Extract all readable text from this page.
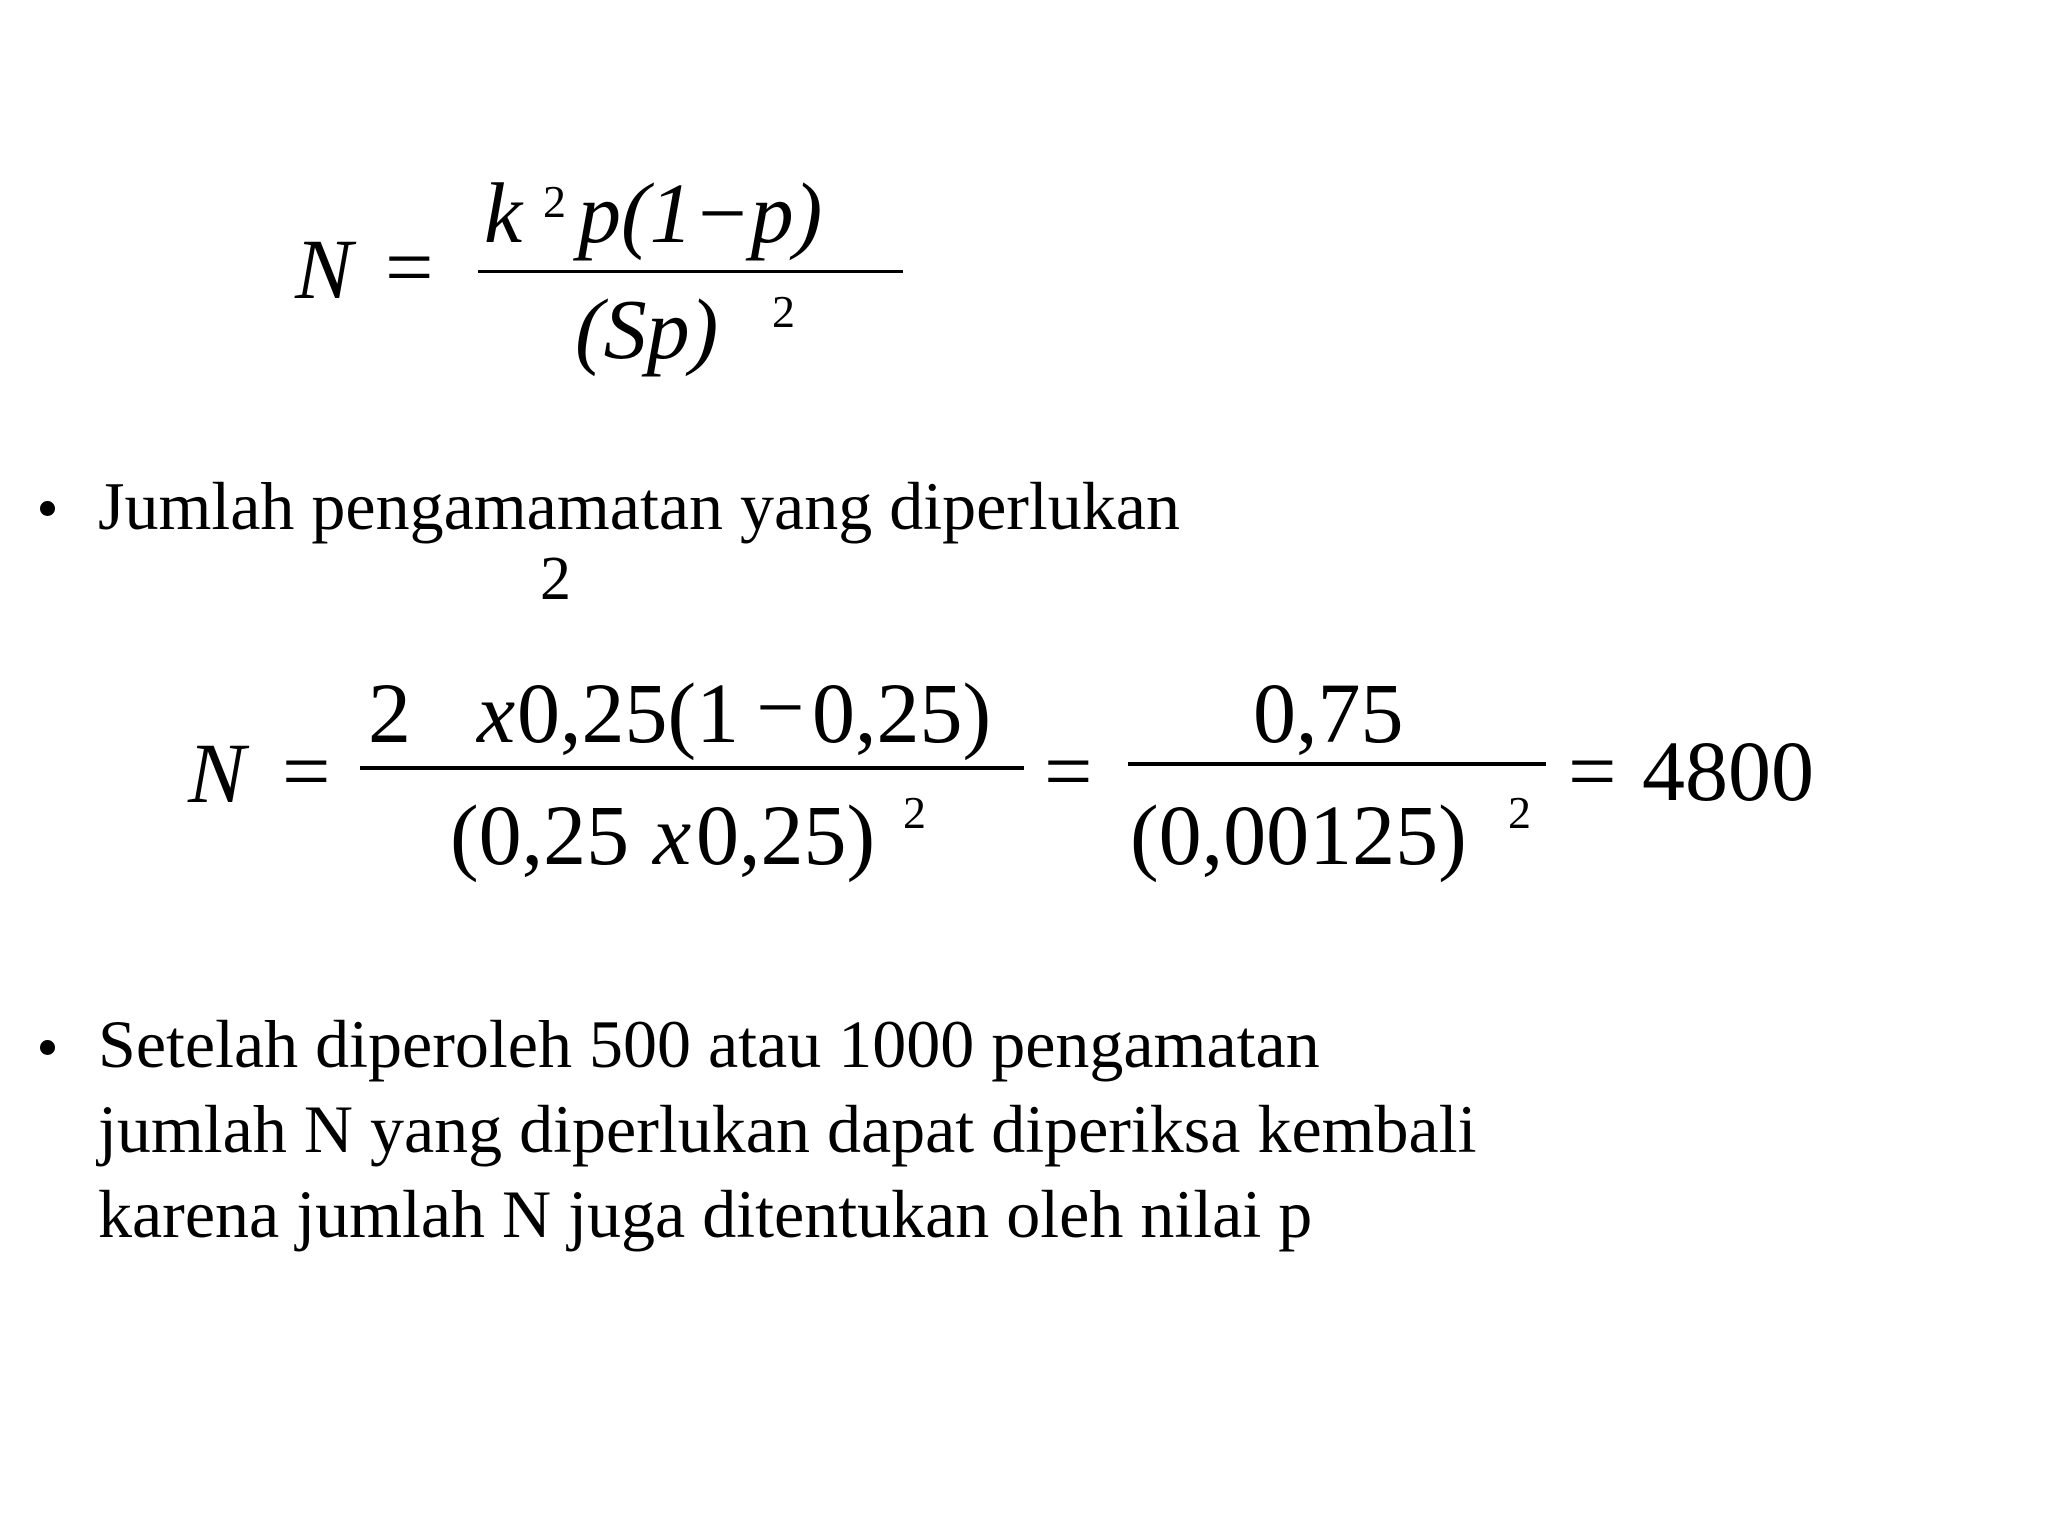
N =
k 2 p(1−p)
(Sp) 2
Jumlah pengamamatan yang diperlukan
2
N =
2 x 0,25(1 − 0,25)
(0,25 x 0,25) 2 =
0,75
(0,00125) 2 = 4800
Setelah diperoleh 500 atau 1000 pengamatan
jumlah N yang diperlukan dapat diperiksa kembali
karena jumlah N juga ditentukan oleh nilai p
